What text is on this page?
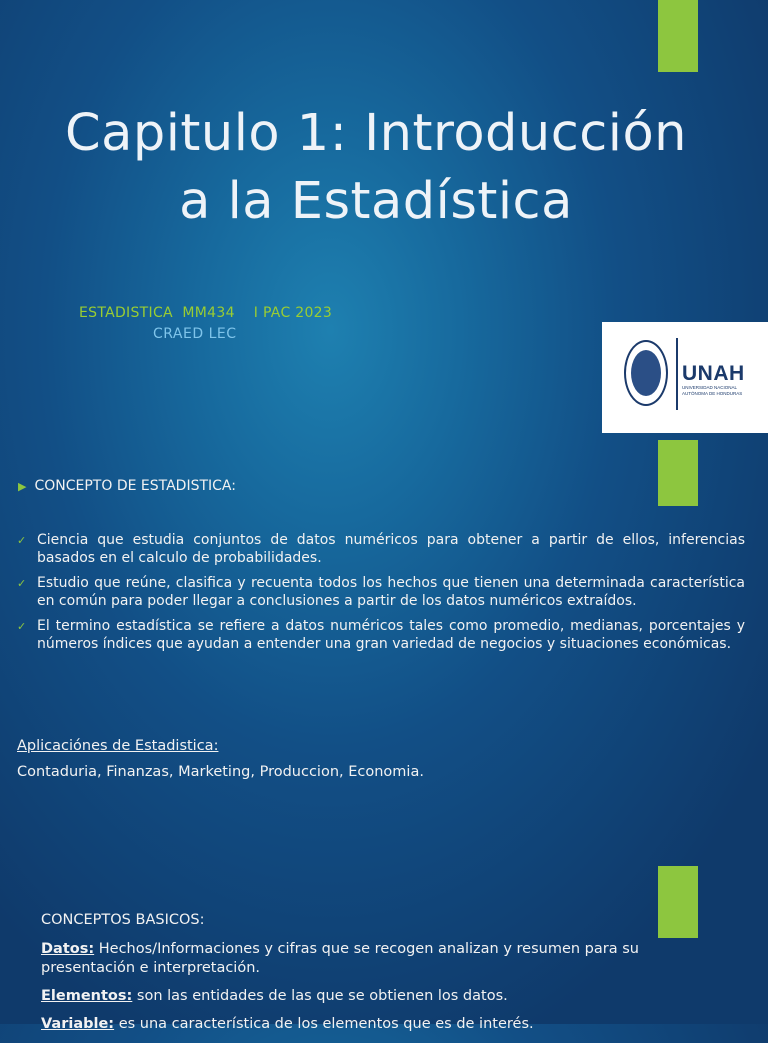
Capitulo 1: Introducción
a la Estadística
ESTADISTICA  MM434    I PAC 2023
CRAED LEC
UNAH
UNIVERSIDAD NACIONAL
AUTÓNOMA DE HONDURAS
▶ CONCEPTO DE ESTADISTICA:
✓ Ciencia que estudia conjuntos de datos numéricos para obtener a partir de ellos, inferencias basados en el calculo de probabilidades.
✓ Estudio que reúne, clasifica y recuenta todos los hechos que tienen una determinada característica en común para poder llegar a conclusiones a partir de los datos numéricos extraídos.
✓ El termino estadística se refiere a datos numéricos tales como promedio, medianas, porcentajes y números índices que ayudan a entender una gran variedad de negocios y situaciones económicas.
Aplicaciónes de Estadistica:
Contaduria, Finanzas, Marketing, Produccion, Economia.
CONCEPTOS BASICOS:
Datos: Hechos/Informaciones y cifras que se recogen analizan y resumen para su presentación e interpretación.
Elementos: son las entidades de las que se obtienen los datos.
Variable: es una característica de los elementos que es de interés.
